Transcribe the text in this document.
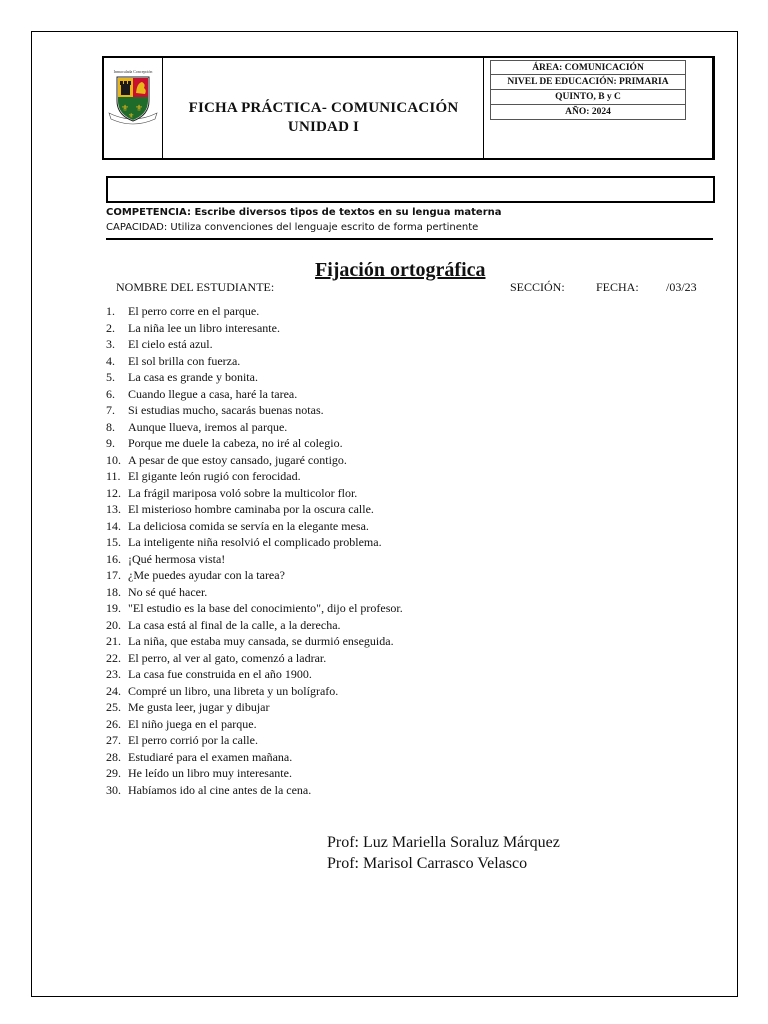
Inmaculada Concepción
⚜ ⚜
⚜	FICHA PRÁCTICA- COMUNICACIÓN
UNIDAD I
ÁREA: COMUNICACIÓN
NIVEL DE EDUCACIÓN: PRIMARIA
QUINTO, B y C
AÑO: 2024
COMPETENCIA: Escribe diversos tipos de textos en su lengua materna
CAPACIDAD: Utiliza convenciones del lenguaje escrito de forma pertinente
NOMBRE DEL ESTUDIANTE:	SECCIÓN:	FECHA: /03/23
Fijación ortográfica
1. El perro corre en el parque.
2. La niña lee un libro interesante.
3. El cielo está azul.
4. El sol brilla con fuerza.
5. La casa es grande y bonita.
6. Cuando llegue a casa, haré la tarea.
7. Si estudias mucho, sacarás buenas notas.
8. Aunque llueva, iremos al parque.
9. Porque me duele la cabeza, no iré al colegio.
10. A pesar de que estoy cansado, jugaré contigo.
11. El gigante león rugió con ferocidad.
12. La frágil mariposa voló sobre la multicolor flor.
13. El misterioso hombre caminaba por la oscura calle.
14. La deliciosa comida se servía en la elegante mesa.
15. La inteligente niña resolvió el complicado problema.
16. ¡Qué hermosa vista!
17. ¿Me puedes ayudar con la tarea?
18. No sé qué hacer.
19. "El estudio es la base del conocimiento", dijo el profesor.
20. La casa está al final de la calle, a la derecha.
21. La niña, que estaba muy cansada, se durmió enseguida.
22. El perro, al ver al gato, comenzó a ladrar.
23. La casa fue construida en el año 1900.
24. Compré un libro, una libreta y un bolígrafo.
25. Me gusta leer, jugar y dibujar
26. El niño juega en el parque.
27. El perro corrió por la calle.
28. Estudiaré para el examen mañana.
29. He leído un libro muy interesante.
30. Habíamos ido al cine antes de la cena.
Prof: Luz Mariella Soraluz Márquez
Prof: Marisol Carrasco Velasco
